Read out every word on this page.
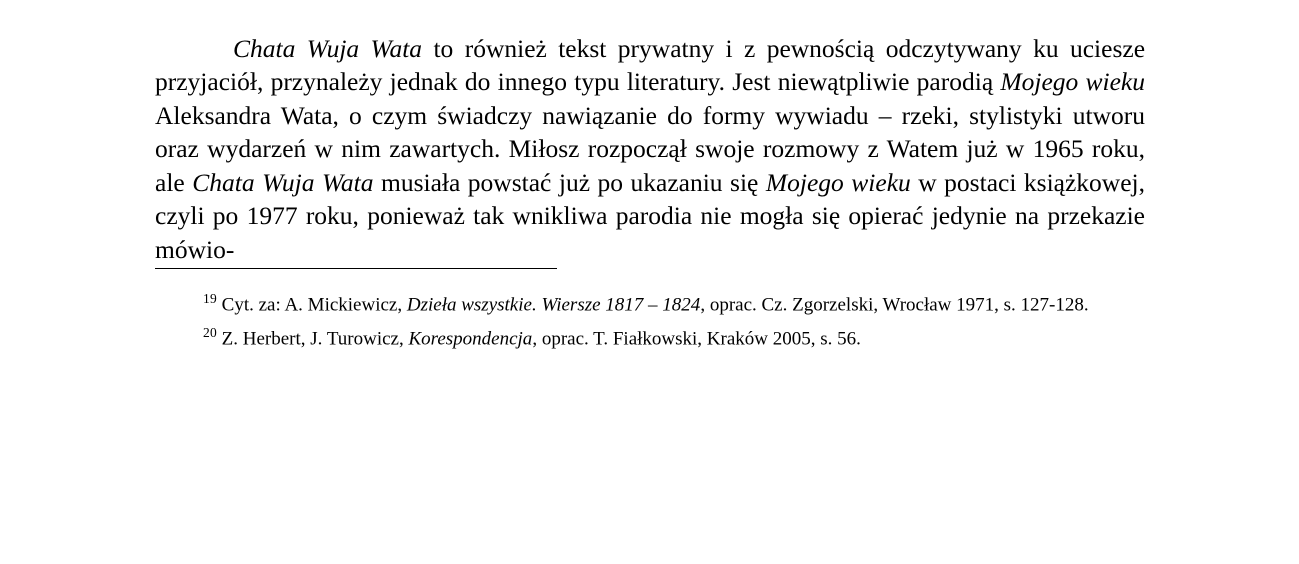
Chata Wuja Wata to również tekst prywatny i z pewnością odczytywany ku uciesze przyjaciół, przynależy jednak do innego typu literatury. Jest niewątpliwie parodią Mojego wieku Aleksandra Wata, o czym świadczy nawiązanie do formy wywiadu – rzeki, stylistyki utworu oraz wydarzeń w nim zawartych. Miłosz rozpoczął swoje rozmowy z Watem już w 1965 roku, ale Chata Wuja Wata musiała powstać już po ukazaniu się Mojego wieku w postaci książkowej, czyli po 1977 roku, ponieważ tak wnikliwa parodia nie mogła się opierać jedynie na przekazie mówio-

$^{19}$ Cyt. za: A. Mickiewicz, Dzieła wszystkie. Wiersze 1817 – 1824, oprac. Cz. Zgorzelski, Wrocław 1971, s. 127-128.

$^{20}$ Z. Herbert, J. Turowicz, Korespondencja, oprac. T. Fiałkowski, Kraków 2005, s. 56.
